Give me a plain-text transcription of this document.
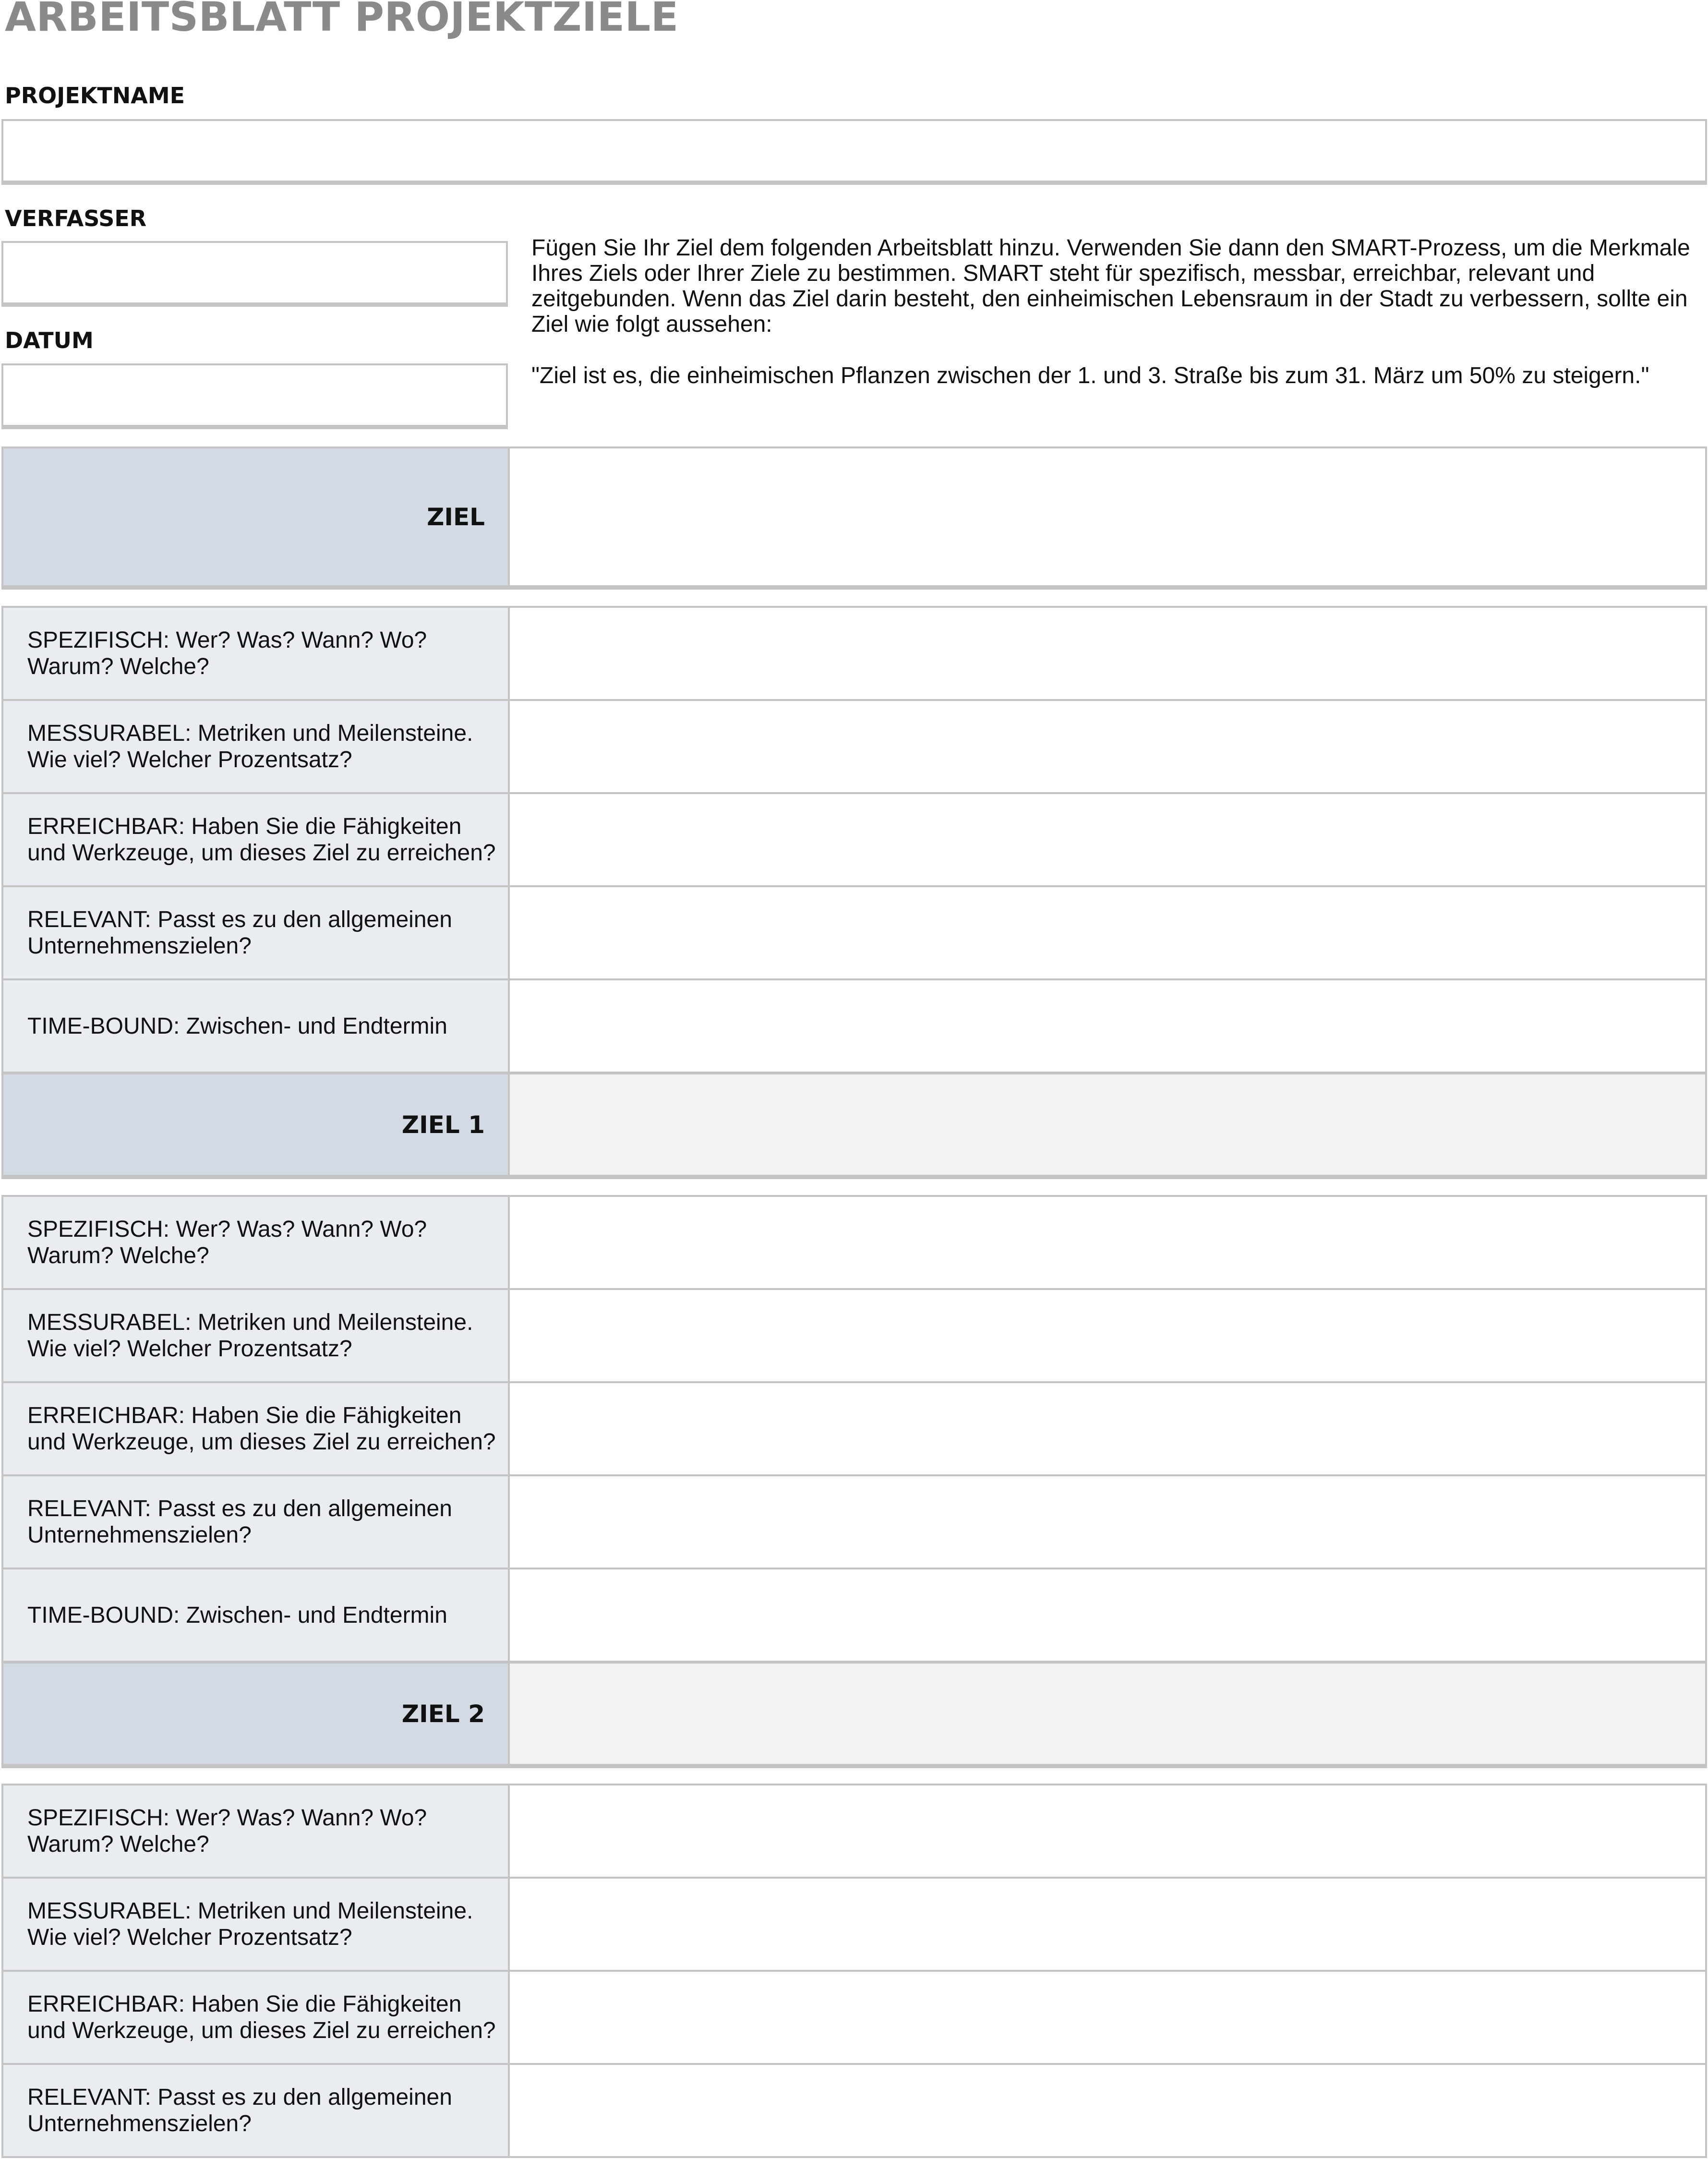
ARBEITSBLATT PROJEKTZIELE
PROJEKTNAME
VERFASSER
DATUM

Fügen Sie Ihr Ziel dem folgenden Arbeitsblatt hinzu. Verwenden Sie dann den SMART-Prozess, um die Merkmale Ihres Ziels oder Ihrer Ziele zu bestimmen. SMART steht für spezifisch, messbar, erreichbar, relevant und zeitgebunden. Wenn das Ziel darin besteht, den einheimischen Lebensraum in der Stadt zu verbessern, sollte ein Ziel wie folgt aussehen:

"Ziel ist es, die einheimischen Pflanzen zwischen der 1. und 3. Straße bis zum 31. März um 50% zu steigern."

ZIEL
SPEZIFISCH: Wer? Was? Wann? Wo? Warum? Welche?
MESSURABEL: Metriken und Meilensteine. Wie viel? Welcher Prozentsatz?
ERREICHBAR: Haben Sie die Fähigkeiten und Werkzeuge, um dieses Ziel zu erreichen?
RELEVANT: Passt es zu den allgemeinen Unternehmenszielen?
TIME-BOUND: Zwischen- und Endtermin
ZIEL 1
SPEZIFISCH: Wer? Was? Wann? Wo? Warum? Welche?
MESSURABEL: Metriken und Meilensteine. Wie viel? Welcher Prozentsatz?
ERREICHBAR: Haben Sie die Fähigkeiten und Werkzeuge, um dieses Ziel zu erreichen?
RELEVANT: Passt es zu den allgemeinen Unternehmenszielen?
TIME-BOUND: Zwischen- und Endtermin
ZIEL 2
SPEZIFISCH: Wer? Was? Wann? Wo? Warum? Welche?
MESSURABEL: Metriken und Meilensteine. Wie viel? Welcher Prozentsatz?
ERREICHBAR: Haben Sie die Fähigkeiten und Werkzeuge, um dieses Ziel zu erreichen?
RELEVANT: Passt es zu den allgemeinen Unternehmenszielen?
